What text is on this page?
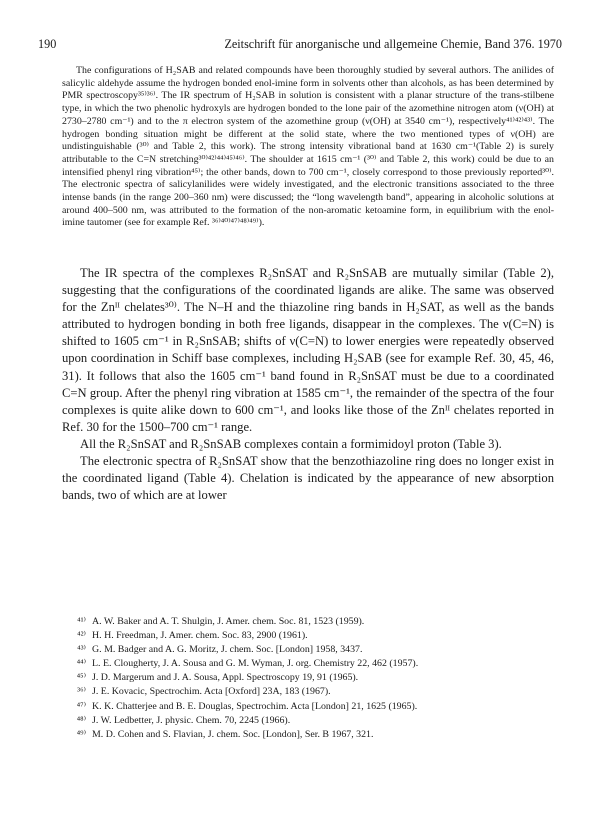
190	Zeitschrift für anorganische und allgemeine Chemie, Band 376. 1970

The configurations of H₂SAB and related compounds have been thoroughly studied by several authors. The anilides of salicylic aldehyde assume the hydrogen bonded enol-imine form in solvents other than alcohols, as has been determined by PMR spectroscopy³⁵⁾³⁶⁾. The IR spectrum of H₂SAB in solution is consistent with a planar structure of the trans-stilbene type, in which the two phenolic hydroxyls are hydrogen bonded to the lone pair of the azomethine nitrogen atom (ν(OH) at 2730–2780 cm⁻¹) and to the π electron system of the azomethine group (ν(OH) at 3540 cm⁻¹), respectively⁴¹⁾⁴²⁾⁴³⁾. The hydrogen bonding situation might be different at the solid state, where the two mentioned types of ν(OH) are undistinguishable (³⁰⁾ and Table 2, this work). The strong intensity vibrational band at 1630 cm⁻¹(Table 2) is surely attributable to the C=N stretching³⁰⁾⁴²⁾⁴⁴⁾⁴⁵⁾⁴⁶⁾. The shoulder at 1615 cm⁻¹ (³⁰⁾ and Table 2, this work) could be due to an intensified phenyl ring vibration⁴⁵⁾; the other bands, down to 700 cm⁻¹, closely correspond to those previously reported³⁰⁾. The electronic spectra of salicylanilides were widely investigated, and the electronic transitions associated to the three intense bands (in the range 200–360 nm) were discussed; the “long wavelength band”, appearing in alcoholic solutions at around 400–500 nm, was attributed to the formation of the non-aromatic ketoamine form, in equilibrium with the enol-imine tautomer (see for example Ref. ³⁶⁾⁴⁰⁾⁴⁷⁾⁴⁸⁾⁴⁹⁾).

The IR spectra of the complexes R₂SnSAT and R₂SnSAB are mutually similar (Table 2), suggesting that the configurations of the coordinated ligands are alike. The same was observed for the Znᴵᴵ chelates³⁰⁾. The N–H and the thiazoline ring bands in H₂SAT, as well as the bands attributed to hydrogen bonding in both free ligands, disappear in the complexes. The ν(C=N) is shifted to 1605 cm⁻¹ in R₂SnSAB; shifts of ν(C=N) to lower energies were repeatedly observed upon coordination in Schiff base complexes, including H₂SAB (see for example Ref. 30, 45, 46, 31). It follows that also the 1605 cm⁻¹ band found in R₂SnSAT must be due to a coordinated C=N group. After the phenyl ring vibration at 1585 cm⁻¹, the remainder of the spectra of the four complexes is quite alike down to 600 cm⁻¹, and looks like those of the Znᴵᴵ chelates reported in Ref. 30 for the 1500–700 cm⁻¹ range.

All the R₂SnSAT and R₂SnSAB complexes contain a formimidoyl proton (Table 3).

The electronic spectra of R₂SnSAT show that the benzothiazoline ring does no longer exist in the coordinated ligand (Table 4). Chelation is indicated by the appearance of new absorption bands, two of which are at lower

⁴¹⁾ A. W. Baker and A. T. Shulgin, J. Amer. chem. Soc. 81, 1523 (1959).
⁴²⁾ H. H. Freedman, J. Amer. chem. Soc. 83, 2900 (1961).
⁴³⁾ G. M. Badger and A. G. Moritz, J. chem. Soc. [London] 1958, 3437.
⁴⁴⁾ L. E. Clougherty, J. A. Sousa and G. M. Wyman, J. org. Chemistry 22, 462 (1957).
⁴⁵⁾ J. D. Margerum and J. A. Sousa, Appl. Spectroscopy 19, 91 (1965).
³⁶⁾ J. E. Kovacic, Spectrochim. Acta [Oxford] 23A, 183 (1967).
⁴⁷⁾ K. K. Chatterjee and B. E. Douglas, Spectrochim. Acta [London] 21, 1625 (1965).
⁴⁸⁾ J. W. Ledbetter, J. physic. Chem. 70, 2245 (1966).
⁴⁹⁾ M. D. Cohen and S. Flavian, J. chem. Soc. [London], Ser. B 1967, 321.
